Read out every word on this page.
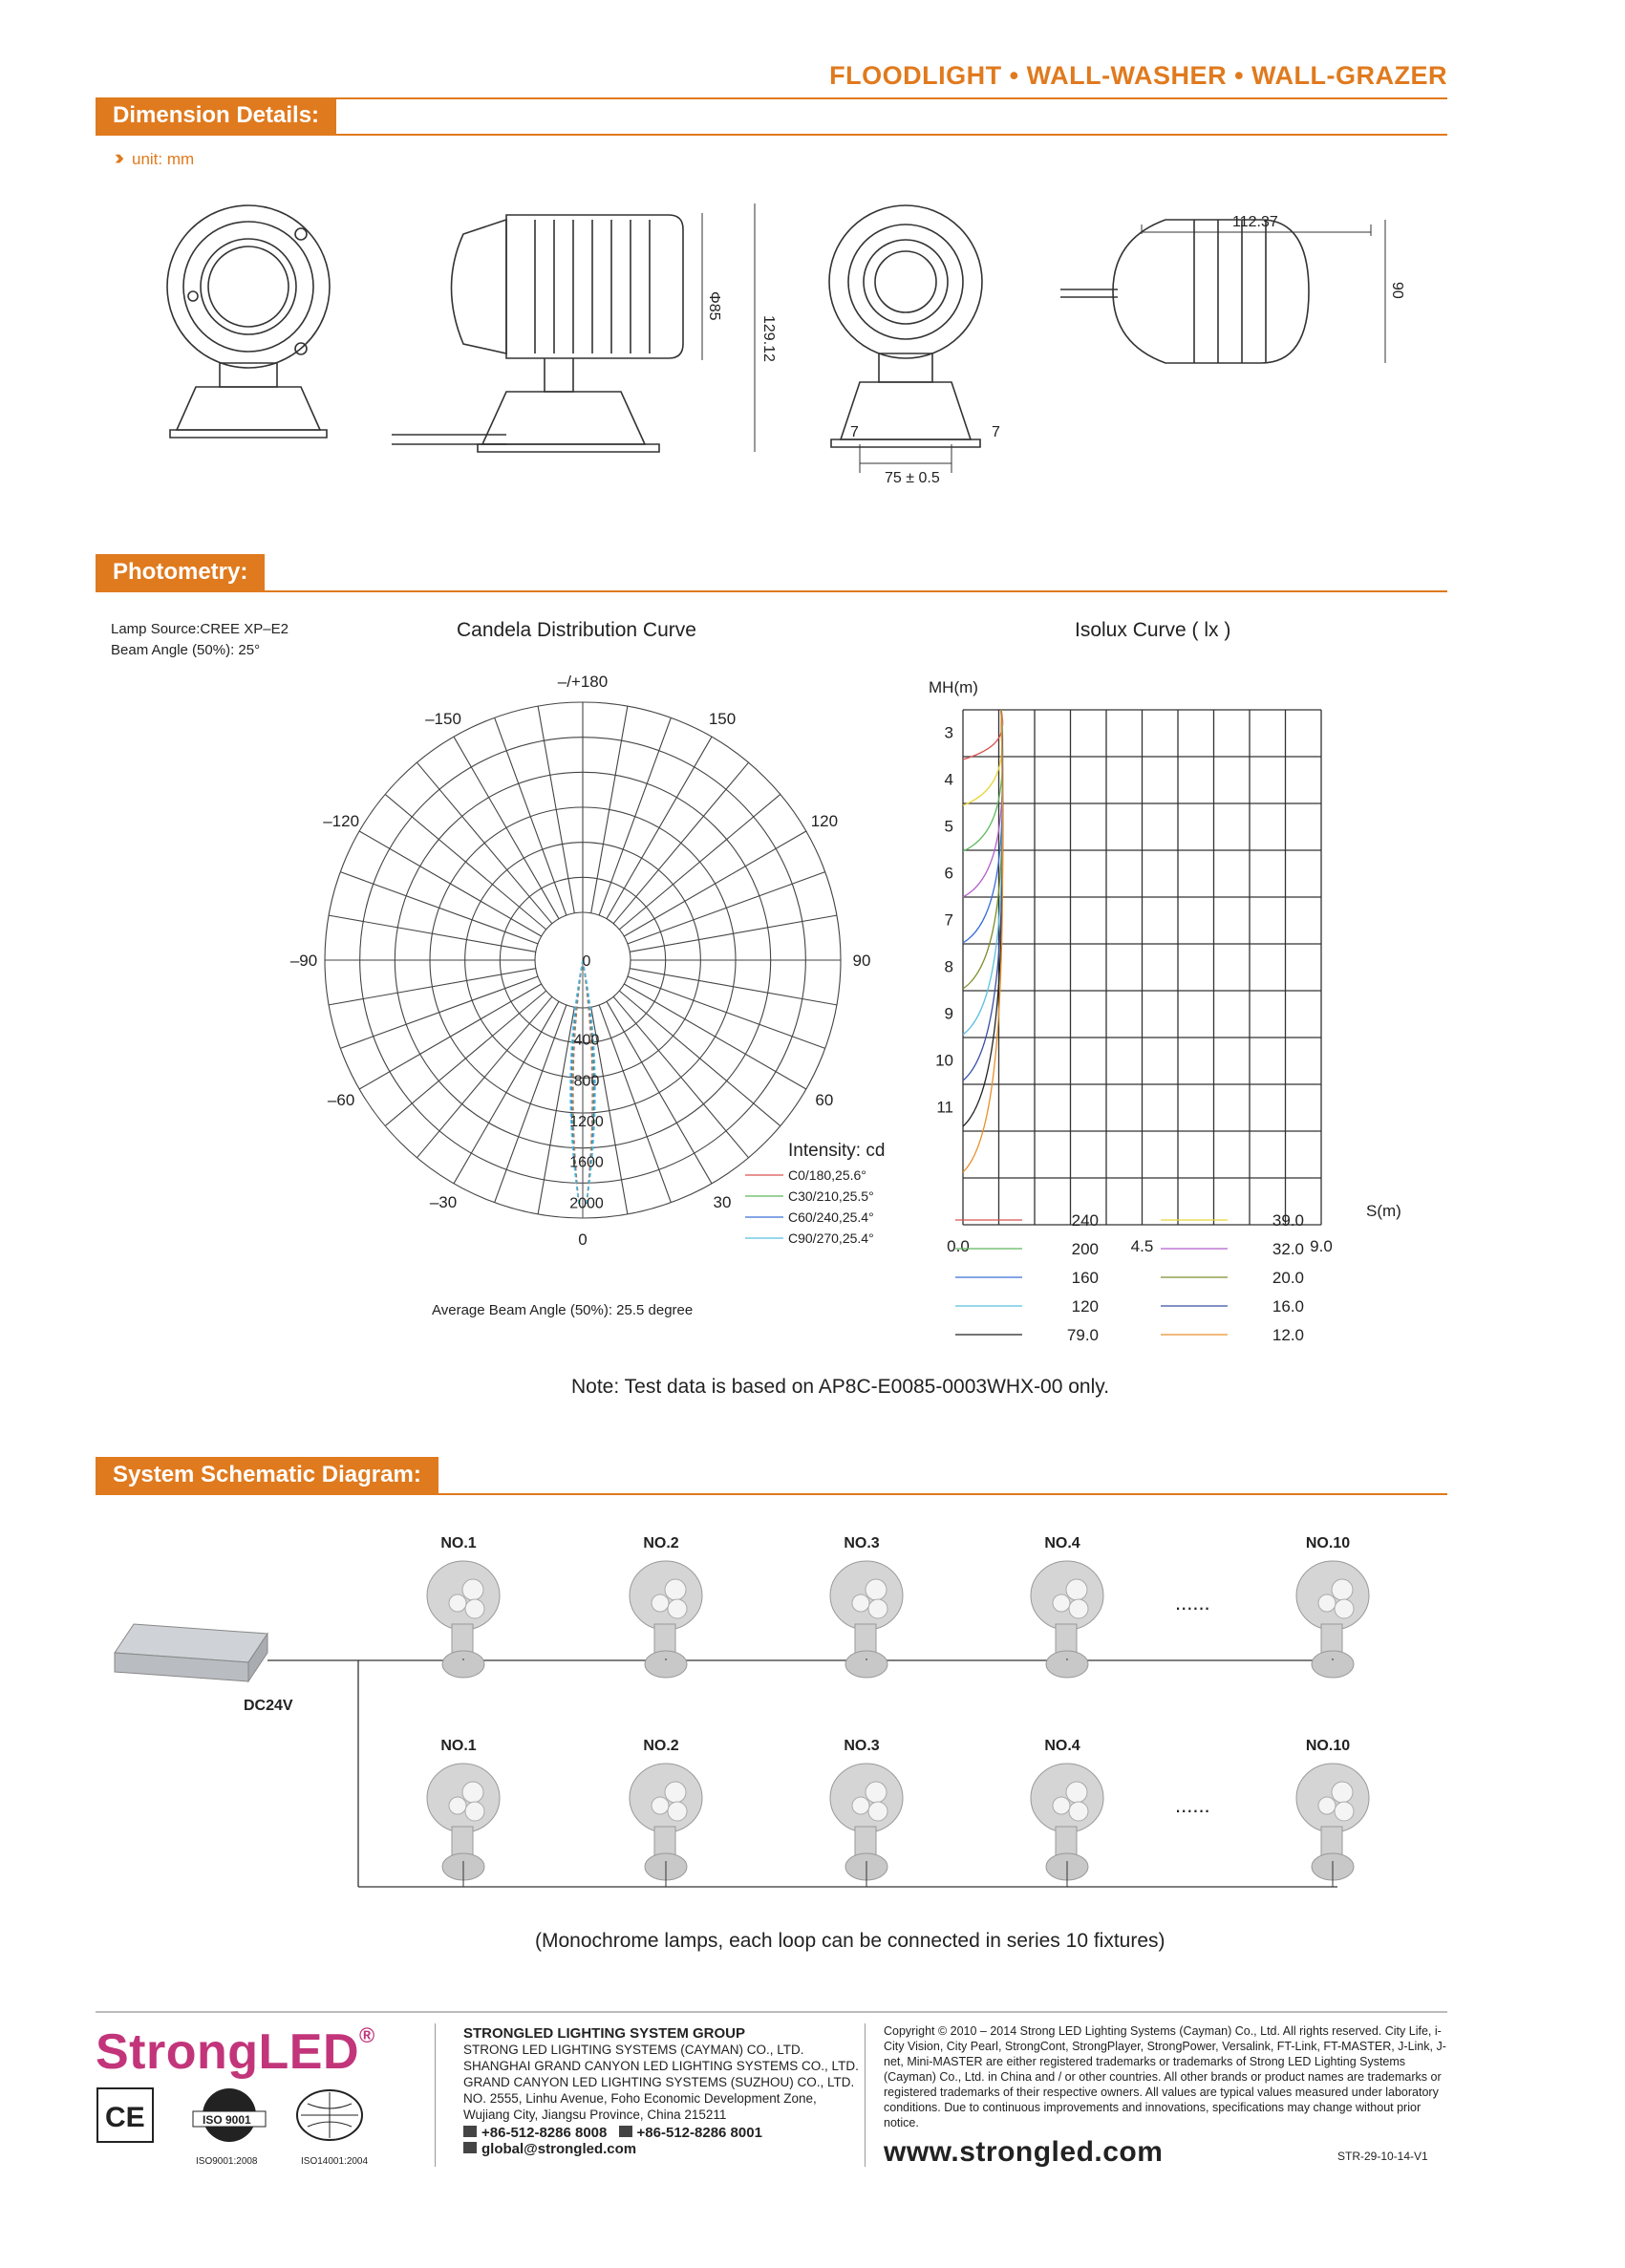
FLOODLIGHT • WALL-WASHER • WALL-GRAZER
Dimension Details:
››› unit: mm
Φ85
129.12
75 ± 0.5
7	7
112.37
90
Photometry:
Lamp Source:CREE XP–E2
Beam Angle (50%): 25°
Candela Distribution Curve	Isolux Curve ( lx )
–/+180
150
120
90
60
30
0
–30
–60
–90
–120
–150
0
400
800
1200
1600
2000
Intensity: cd
C0/180,25.6°
C30/210,25.5°
C60/240,25.4°
C90/270,25.4°
Average Beam Angle (50%): 25.5 degree
MH(m)
3
4
5
6
7
8
9
10
11
0.0	4.5	9.0
S(m)
240	39.0
200	32.0
160	20.0
120	16.0
79.0	12.0
Note: Test data is based on AP8C-E0085-0003WHX-00 only.
System Schematic Diagram:
DC24V
NO.1	NO.2	NO.3	NO.4	NO.10
......
NO.1	NO.2	NO.3	NO.4	NO.10
......
(Monochrome lamps, each loop can be connected in series 10 fixtures)
StrongLED®
CE	ISO 9001
ISO9001:2008	ISO14001:2004
STRONGLED LIGHTING SYSTEM GROUP
STRONG LED LIGHTING SYSTEMS (CAYMAN) CO., LTD.
SHANGHAI GRAND CANYON LED LIGHTING SYSTEMS CO., LTD.
GRAND CANYON LED LIGHTING SYSTEMS (SUZHOU) CO., LTD.
NO. 2555, Linhu Avenue, Foho Economic Development Zone,
Wujiang City, Jiangsu Province, China 215211
+86-512-8286 8008 +86-512-8286 8001
global@strongled.com
Copyright © 2010 – 2014 Strong LED Lighting Systems (Cayman) Co., Ltd. All rights reserved. City Life, i-City Vision, City Pearl, StrongCont, StrongPlayer, StrongPower, Versalink, FT-Link, FT-MASTER, J-Link, J-net, Mini-MASTER are either registered trademarks or trademarks of Strong LED Lighting Systems (Cayman) Co., Ltd. in China and / or other countries. All other brands or product names are trademarks or registered trademarks of their respective owners. All values are typical values measured under laboratory conditions. Due to continuous improvements and innovations, specifications may change without prior notice.
www.strongled.com	STR-29-10-14-V1
